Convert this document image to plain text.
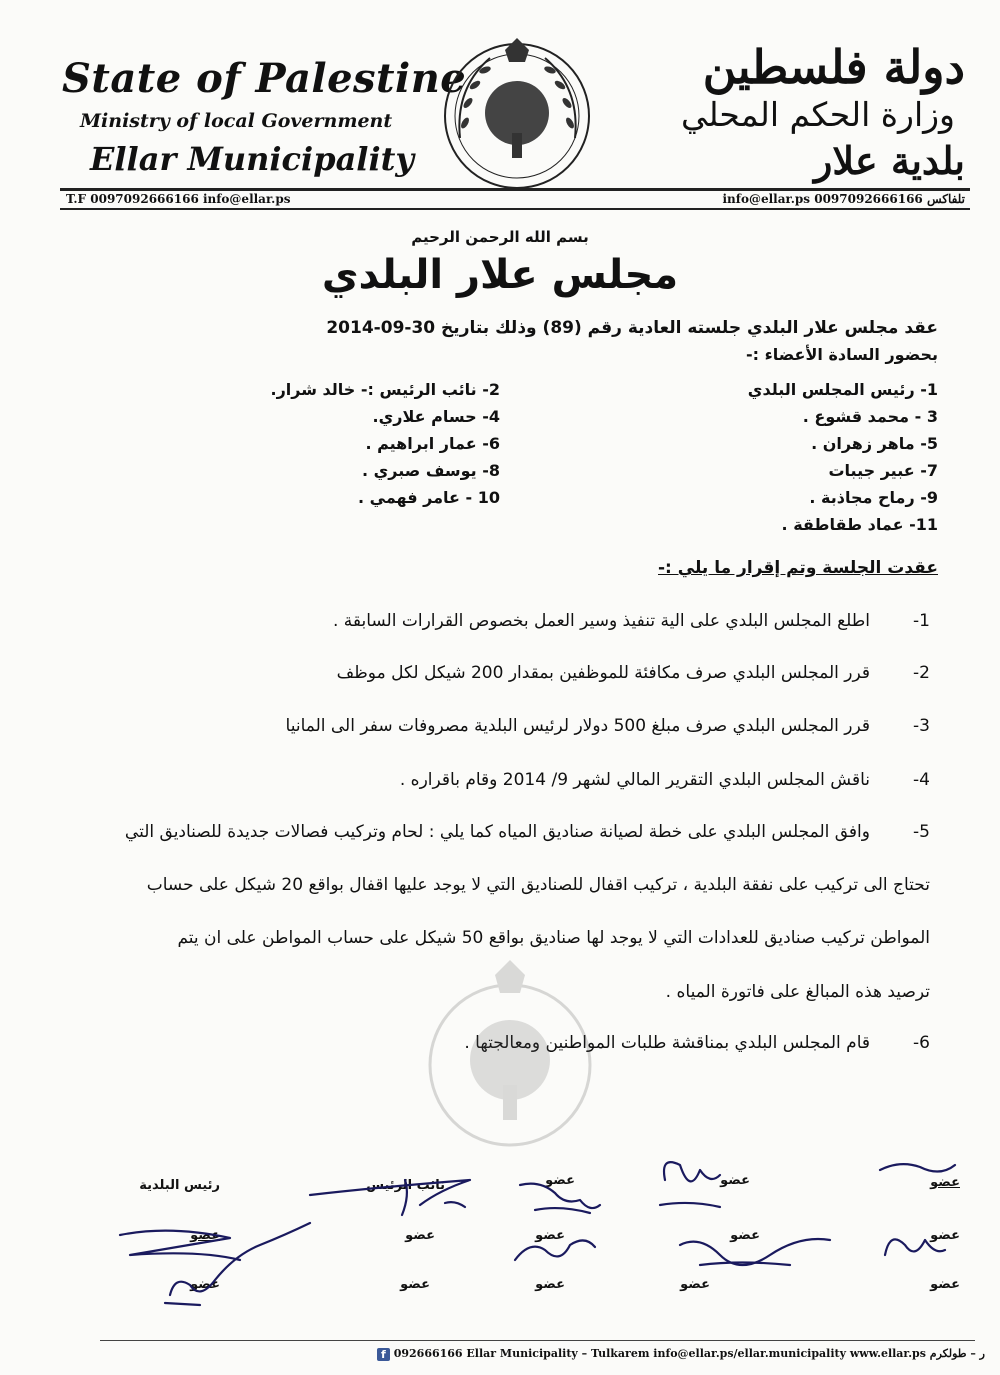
State of Palestine
Ministry of local Government
Ellar Municipality
دولة فلسطين
وزارة الحكم المحلي
بلدية علار
T.F 0097092666166 info@ellar.ps	تلفاكس 0097092666166 info@ellar.ps
بسم الله الرحمن الرحيم
مجلس علار البلدي
عقد مجلس علار البلدي جلسته العادية رقم (89) وذلك بتاريخ 30-09-2014
بحضور السادة الأعضاء :-
1- رئيس المجلس البلدي
2- نائب الرئيس :- خالد شرار.
3 - محمد قشوع .
4- حسام علاري.
5- ماهر زهران .
6- عمار ابراهيم .
7- عبير جيبات
8- يوسف صبري .
9- رماح مجاذبة .
10 - عامر فهمي .
11- عماد طقاطقة .
عقدت الجلسة وتم إقرار ما يلي :-
-1
اطلع المجلس البلدي على الية تنفيذ وسير العمل بخصوص القرارات السابقة .
-2
قرر المجلس البلدي صرف مكافئة للموظفين بمقدار 200 شيكل لكل موظف
-3
قرر المجلس البلدي صرف مبلغ 500 دولار لرئيس البلدية مصروفات سفر الى المانيا
-4
ناقش المجلس البلدي التقرير المالي لشهر 9/ 2014 وقام باقراره .
-5
وافق المجلس البلدي على خطة لصيانة صناديق المياه كما يلي : لحام وتركيب فصالات جديدة للصناديق التي
تحتاج الى تركيب على نفقة البلدية ، تركيب اقفال للصناديق التي لا يوجد عليها اقفال بواقع 20 شيكل على حساب
المواطن تركيب صناديق للعدادات التي لا يوجد لها صناديق بواقع 50 شيكل على حساب المواطن على ان يتم
ترصيد هذه المبالغ على فاتورة المياه .
-6
قام المجلس البلدي بمناقشة طلبات المواطنين ومعالجتها .
رئيس البلدية	نائب الرئيس	عضو	عضو	عضو
عضو	عضو	عضو	عضو	عضو
عضو	عضو	عضو	عضو	عضو
f 092666166 Ellar Municipality – Tulkarem info@ellar.ps/ellar.municipality www.ellar.ps ر – طولكرم
